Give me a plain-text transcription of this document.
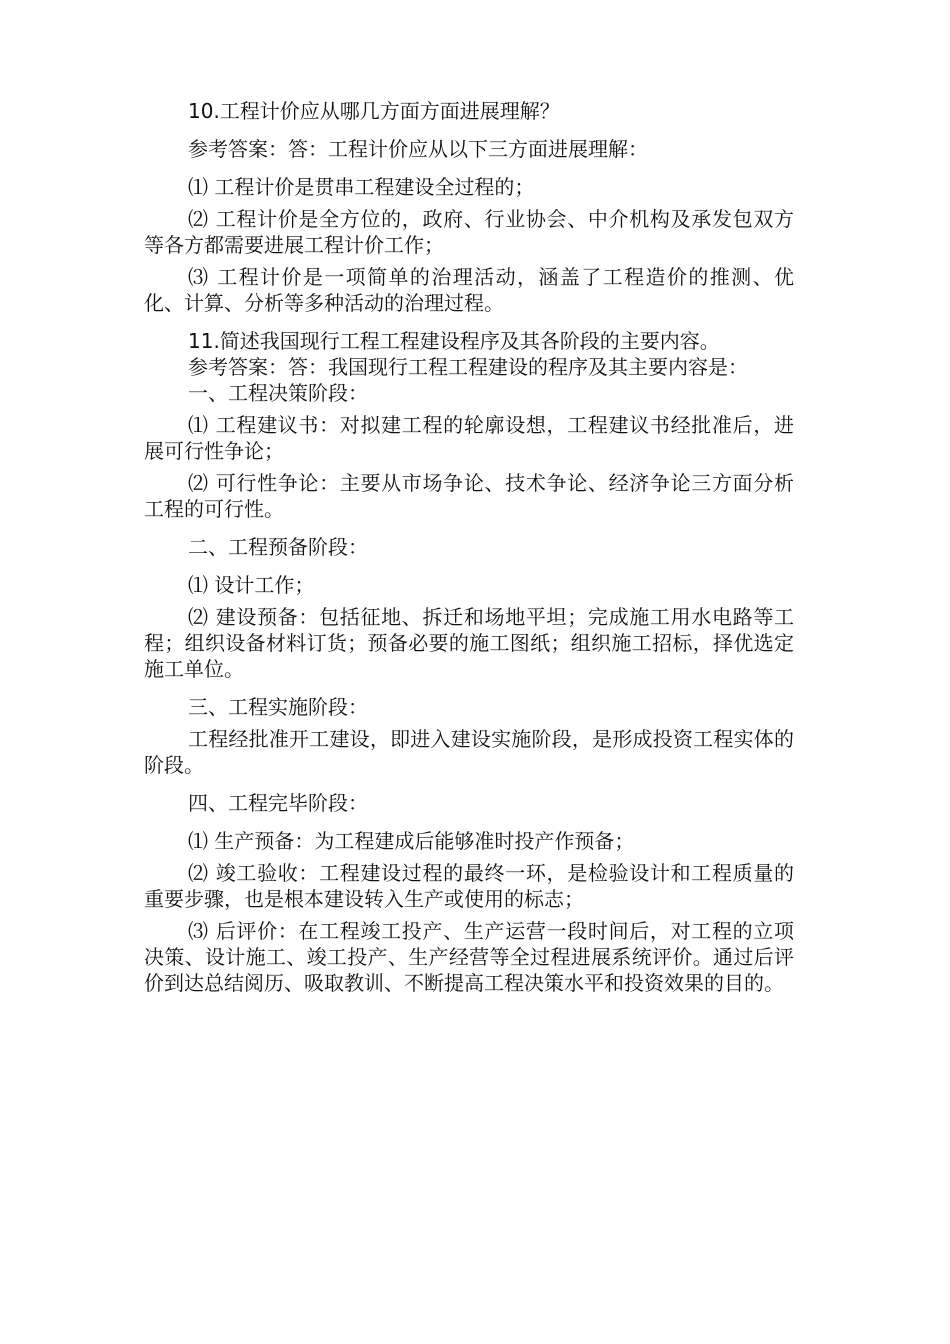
10.工程计价应从哪几方面方面进展理解？

参考答案：答：工程计价应从以下三方面进展理解：

⑴ 工程计价是贯串工程建设全过程的；

⑵ 工程计价是全方位的，政府、行业协会、中介机构及承发包双方等各方都需要进展工程计价工作；

⑶ 工程计价是一项简单的治理活动，涵盖了工程造价的推测、优化、计算、分析等多种活动的治理过程。

11.简述我国现行工程工程建设程序及其各阶段的主要内容。

参考答案：答：我国现行工程工程建设的程序及其主要内容是：

一、工程决策阶段：

⑴ 工程建议书：对拟建工程的轮廓设想，工程建议书经批准后，进展可行性争论；

⑵ 可行性争论：主要从市场争论、技术争论、经济争论三方面分析工程的可行性。

二、工程预备阶段：

⑴ 设计工作；

⑵ 建设预备：包括征地、拆迁和场地平坦；完成施工用水电路等工程；组织设备材料订货；预备必要的施工图纸；组织施工招标，择优选定施工单位。

三、工程实施阶段：

工程经批准开工建设，即进入建设实施阶段，是形成投资工程实体的阶段。

四、工程完毕阶段：

⑴ 生产预备：为工程建成后能够准时投产作预备；

⑵ 竣工验收：工程建设过程的最终一环，是检验设计和工程质量的重要步骤，也是根本建设转入生产或使用的标志；

⑶ 后评价：在工程竣工投产、生产运营一段时间后，对工程的立项决策、设计施工、竣工投产、生产经营等全过程进展系统评价。通过后评价到达总结阅历、吸取教训、不断提高工程决策水平和投资效果的目的。
